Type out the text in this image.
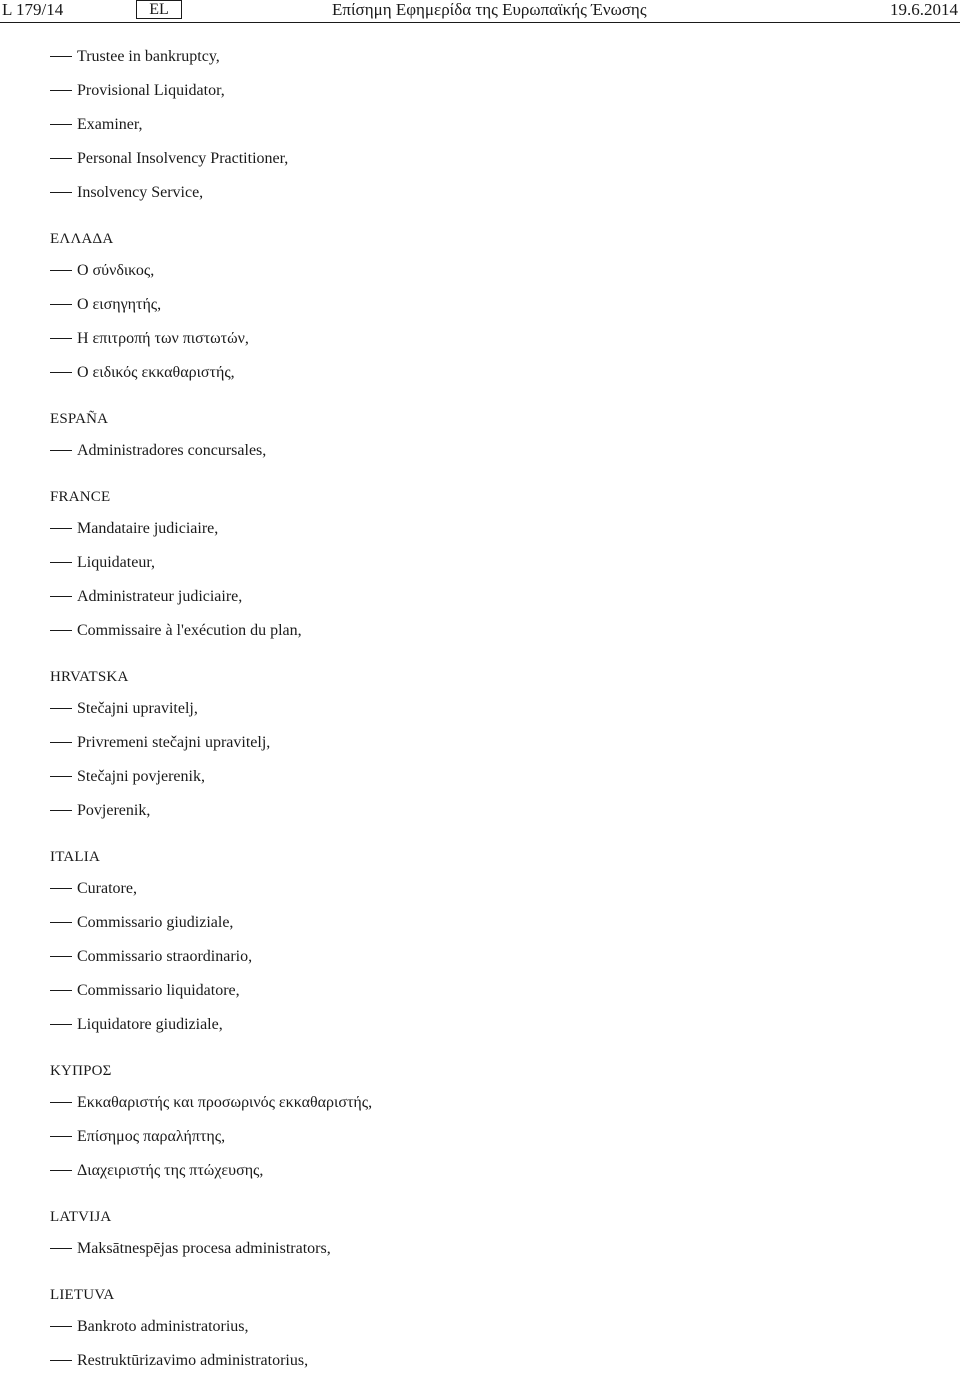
L 179/14	EL	Επίσημη Εφημερίδα της Ευρωπαϊκής Ένωσης	19.6.2014
Trustee in bankruptcy,
Provisional Liquidator,
Examiner,
Personal Insolvency Practitioner,
Insolvency Service,
ΕΛΛΑΔΑ
Ο σύνδικος,
Ο εισηγητής,
Η επιτροπή των πιστωτών,
Ο ειδικός εκκαθαριστής,
ESPAÑA
Administradores concursales,
FRANCE
Mandataire judiciaire,
Liquidateur,
Administrateur judiciaire,
Commissaire à l'exécution du plan,
HRVATSKA
Stečajni upravitelj,
Privremeni stečajni upravitelj,
Stečajni povjerenik,
Povjerenik,
ITALIA
Curatore,
Commissario giudiziale,
Commissario straordinario,
Commissario liquidatore,
Liquidatore giudiziale,
ΚΥΠΡΟΣ
Εκκαθαριστής και προσωρινός εκκαθαριστής,
Επίσημος παραλήπτης,
Διαχειριστής της πτώχευσης,
LATVIJA
Maksātnespējas procesa administrators,
LIETUVA
Bankroto administratorius,
Restruktūrizavimo administratorius,
